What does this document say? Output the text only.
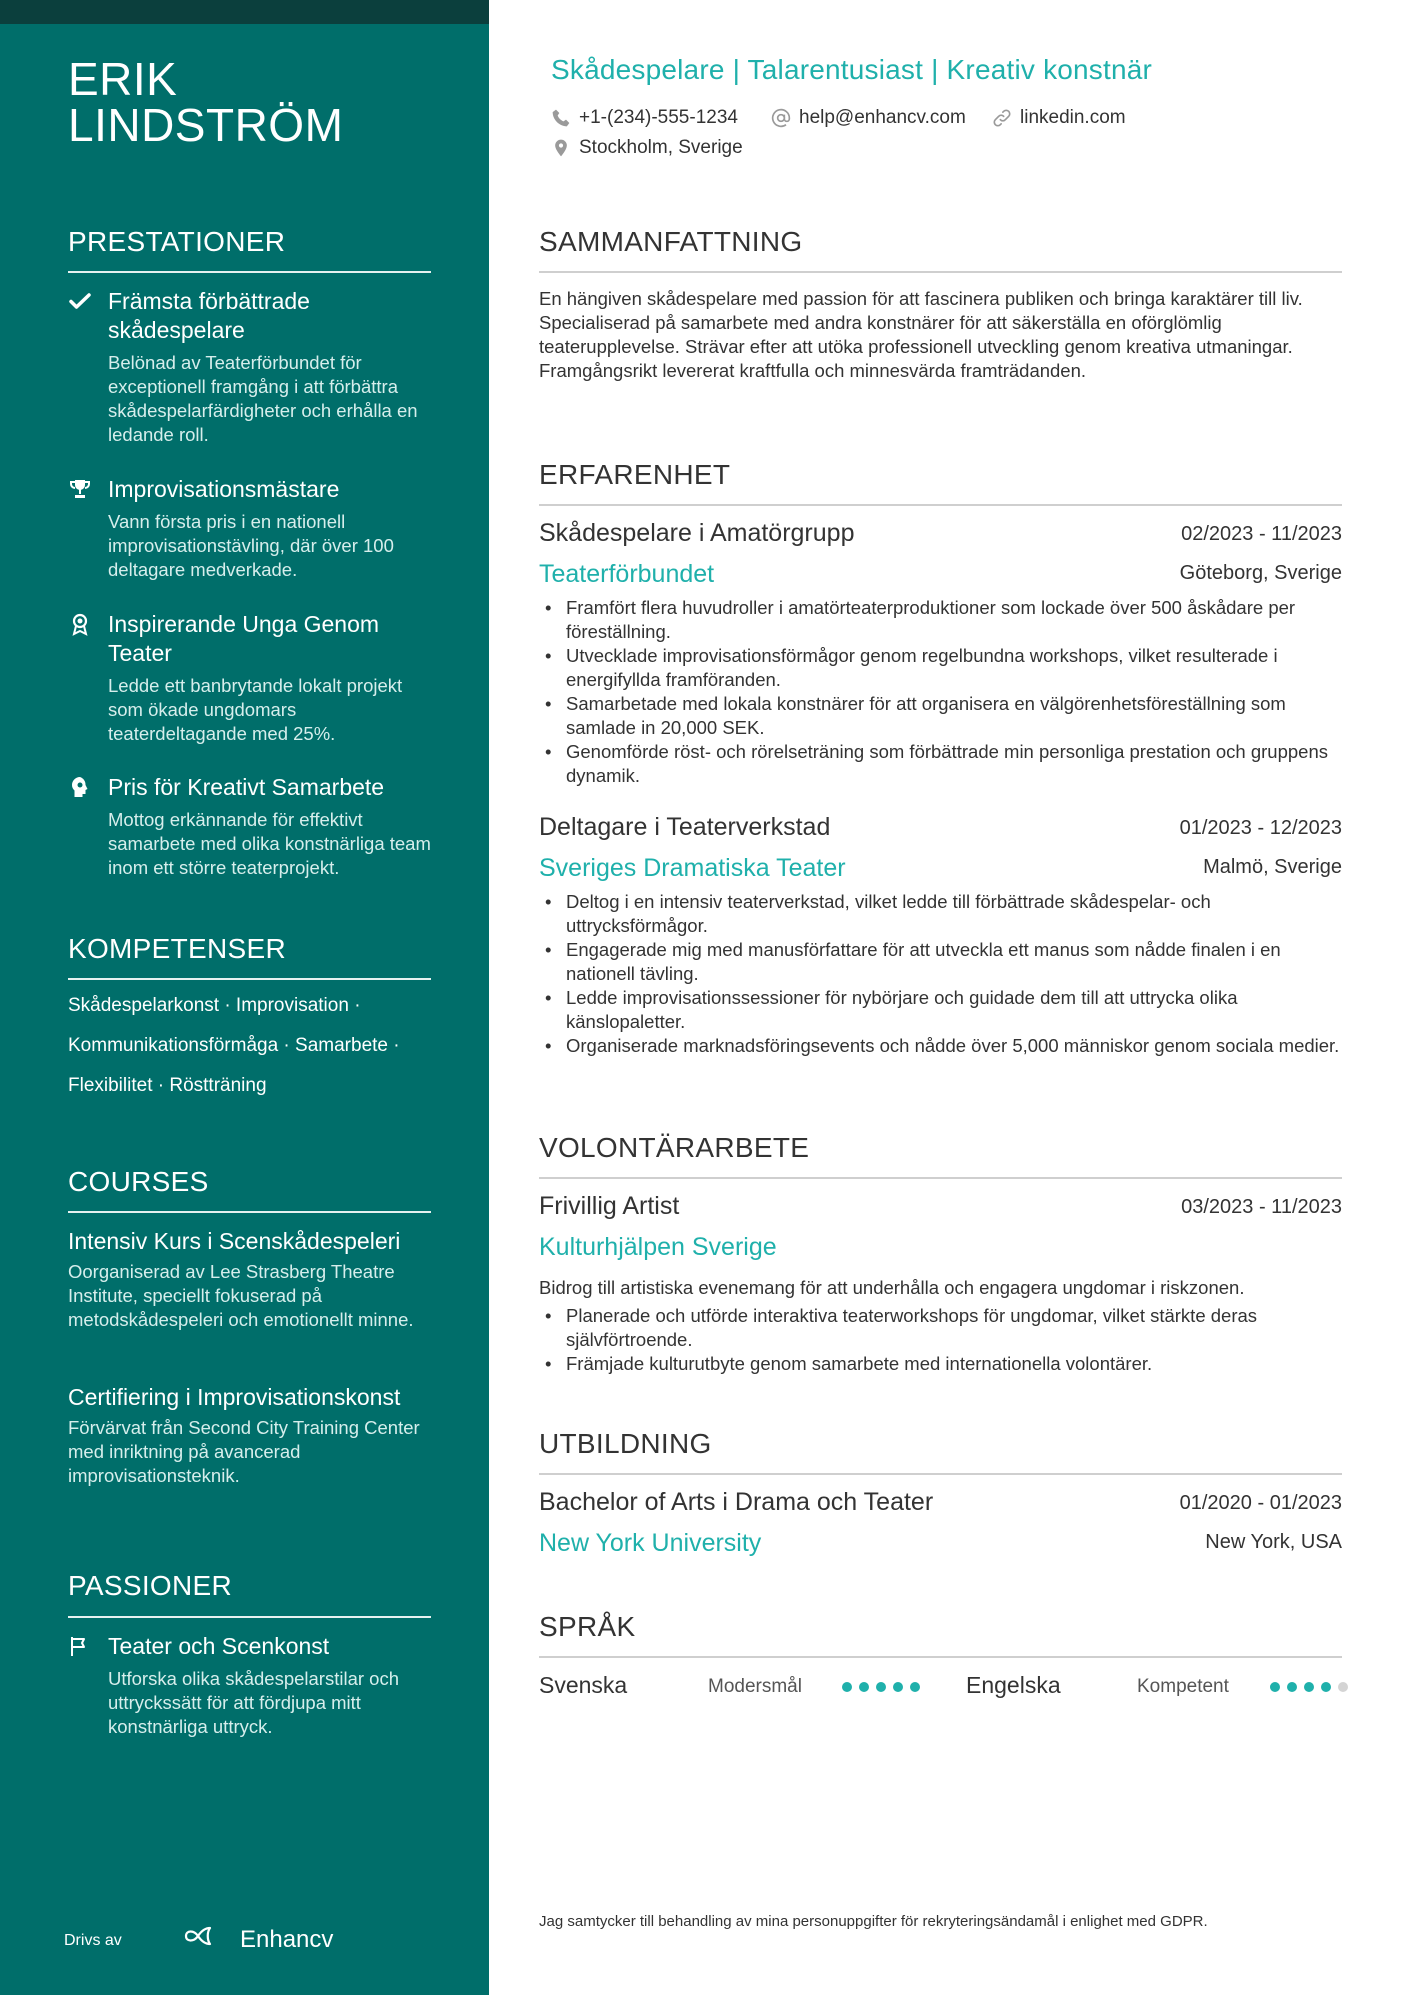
ERIK
LINDSTRÖM
PRESTATIONER
Främsta förbättrade skådespelare
Belönad av Teaterförbundet för exceptionell framgång i att förbättra skådespelarfärdigheter och erhålla en ledande roll.
Improvisationsmästare
Vann första pris i en nationell improvisationstävling, där över 100 deltagare medverkade.
Inspirerande Unga Genom Teater
Ledde ett banbrytande lokalt projekt som ökade ungdomars teaterdeltagande med 25%.
Pris för Kreativt Samarbete
Mottog erkännande för effektivt samarbete med olika konstnärliga team inom ett större teaterprojekt.
KOMPETENSER
Skådespelarkonst · Improvisation ·
Kommunikationsförmåga · Samarbete ·
Flexibilitet · Röstträning
COURSES
Intensiv Kurs i Scenskådespeleri
Oorganiserad av Lee Strasberg Theatre Institute, speciellt fokuserad på metodskådespeleri och emotionellt minne.
Certifiering i Improvisationskonst
Förvärvat från Second City Training Center med inriktning på avancerad improvisationsteknik.
PASSIONER
Teater och Scenkonst
Utforska olika skådespelarstilar och uttryckssätt för att fördjupa mitt konstnärliga uttryck.
Drivs av	Enhancv
Skådespelare | Talarentusiast | Kreativ konstnär
+1-(234)-555-1234	help@enhancv.com	linkedin.com
Stockholm, Sverige
SAMMANFATTNING
En hängiven skådespelare med passion för att fascinera publiken och bringa karaktärer till liv. Specialiserad på samarbete med andra konstnärer för att säkerställa en oförglömlig teaterupplevelse. Strävar efter att utöka professionell utveckling genom kreativa utmaningar. Framgångsrikt levererat kraftfulla och minnesvärda framträdanden.
ERFARENHET
Skådespelare i Amatörgrupp	02/2023 - 11/2023
Teaterförbundet	Göteborg, Sverige
• Framfört flera huvudroller i amatörteaterproduktioner som lockade över 500 åskådare per föreställning.
• Utvecklade improvisationsförmågor genom regelbundna workshops, vilket resulterade i energifyllda framföranden.
• Samarbetade med lokala konstnärer för att organisera en välgörenhetsföreställning som samlade in 20,000 SEK.
• Genomförde röst- och rörelseträning som förbättrade min personliga prestation och gruppens dynamik.
Deltagare i Teaterverkstad	01/2023 - 12/2023
Sveriges Dramatiska Teater	Malmö, Sverige
• Deltog i en intensiv teaterverkstad, vilket ledde till förbättrade skådespelar- och uttrycksförmågor.
• Engagerade mig med manusförfattare för att utveckla ett manus som nådde finalen i en nationell tävling.
• Ledde improvisationssessioner för nybörjare och guidade dem till att uttrycka olika känslopaletter.
• Organiserade marknadsföringsevents och nådde över 5,000 människor genom sociala medier.
VOLONTÄRARBETE
Frivillig Artist	03/2023 - 11/2023
Kulturhjälpen Sverige
Bidrog till artistiska evenemang för att underhålla och engagera ungdomar i riskzonen.
• Planerade och utförde interaktiva teaterworkshops för ungdomar, vilket stärkte deras självförtroende.
• Främjade kulturutbyte genom samarbete med internationella volontärer.
UTBILDNING
Bachelor of Arts i Drama och Teater	01/2020 - 01/2023
New York University	New York, USA
SPRÅK
Svenska	Modersmål	Engelska	Kompetent
Jag samtycker till behandling av mina personuppgifter för rekryteringsändamål i enlighet med GDPR.
